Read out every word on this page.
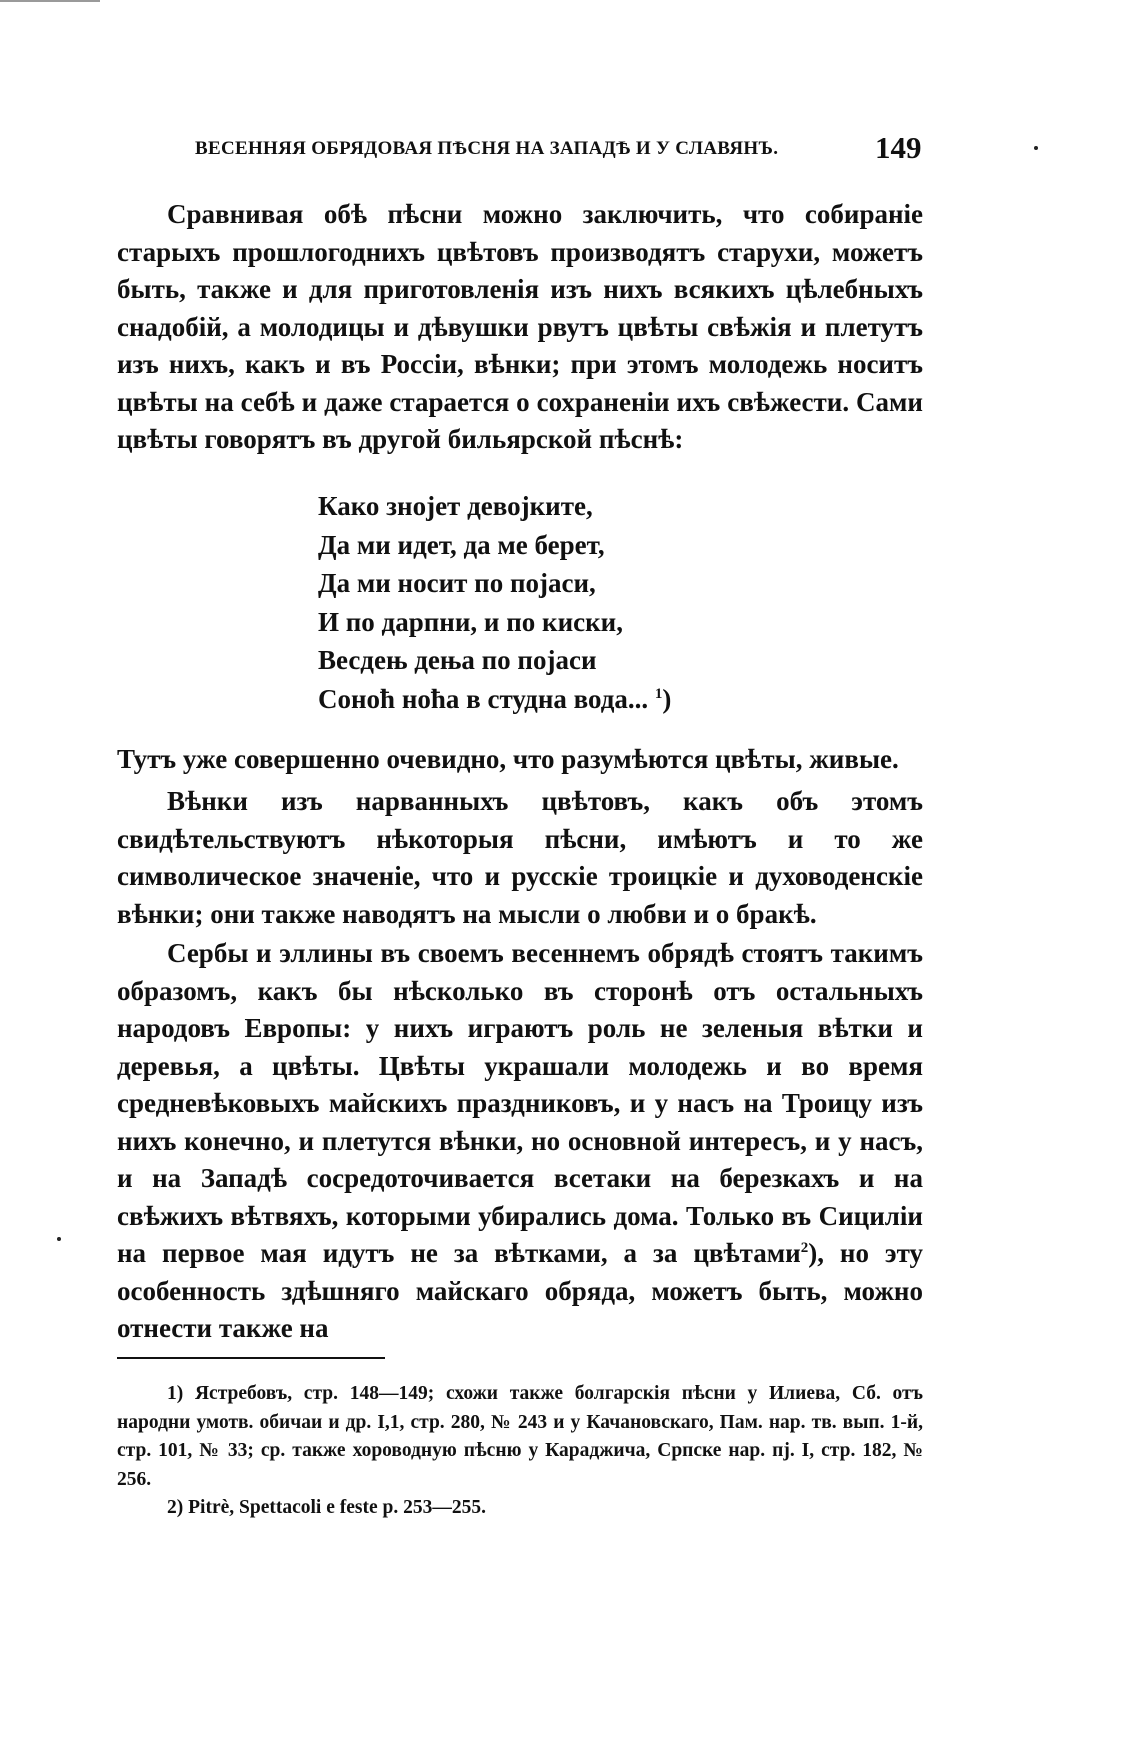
ВЕСЕННЯЯ ОБРЯДОВАЯ ПѢСНЯ НА ЗАПАДѢ И У СЛАВЯНЪ.	149

Сравнивая обѣ пѣсни можно заключить, что собираніе старыхъ прошлогоднихъ цвѣтовъ производятъ старухи, можетъ быть, также и для приготовленія изъ нихъ всякихъ цѣлебныхъ снадобій, а молодицы и дѣвушки рвутъ цвѣты свѣжія и плетутъ изъ нихъ, какъ и въ Россіи, вѣнки; при этомъ молодежь носитъ цвѣты на себѣ и даже старается о сохраненіи ихъ свѣжести. Сами цвѣты говорятъ въ другой бильярской пѣснѣ:

Како знојет девојките,
Да ми идет, да ме берет,
Да ми носит по појаси,
И по дарпни, и по киски,
Весдењ дења по појаси
Соноћ ноћа в студна вода... $^1$)

Тутъ уже совершенно очевидно, что разумѣются цвѣты, живые.

Вѣнки изъ нарванныхъ цвѣтовъ, какъ объ этомъ свидѣтельствуютъ нѣкоторыя пѣсни, имѣютъ и то же символическое значеніе, что и русскіе троицкіе и духоводенскіе вѣнки; они также наводятъ на мысли о любви и о бракѣ.

Сербы и эллины въ своемъ весеннемъ обрядѣ стоятъ такимъ образомъ, какъ бы нѣсколько въ сторонѣ отъ остальныхъ народовъ Европы: у нихъ играютъ роль не зеленыя вѣтки и деревья, а цвѣты. Цвѣты украшали молодежь и во время средневѣковыхъ майскихъ праздниковъ, и у насъ на Троицу изъ нихъ конечно, и плетутся вѣнки, но основной интересъ, и у насъ, и на Западѣ сосредоточивается всетаки на березкахъ и на свѣжихъ вѣтвяхъ, которыми убирались дома. Только въ Сициліи на первое мая идутъ не за вѣтками, а за цвѣтами$^2$), но эту особенность здѣшняго майскаго обряда, можетъ быть, можно отнести также на

1) Ястребовъ, стр. 148—149; схожи также болгарскія пѣсни у Илиева, Сб. отъ народни умотв. обичаи и др. I,1, стр. 280, № 243 и у Качановскаго, Пам. нар. тв. вып. 1-й, стр. 101, № 33; ср. также хороводную пѣсню у Караджича, Српске нар. пј. I, стр. 182, № 256.

2) Pitrè, Spettacoli e feste p. 253—255.
